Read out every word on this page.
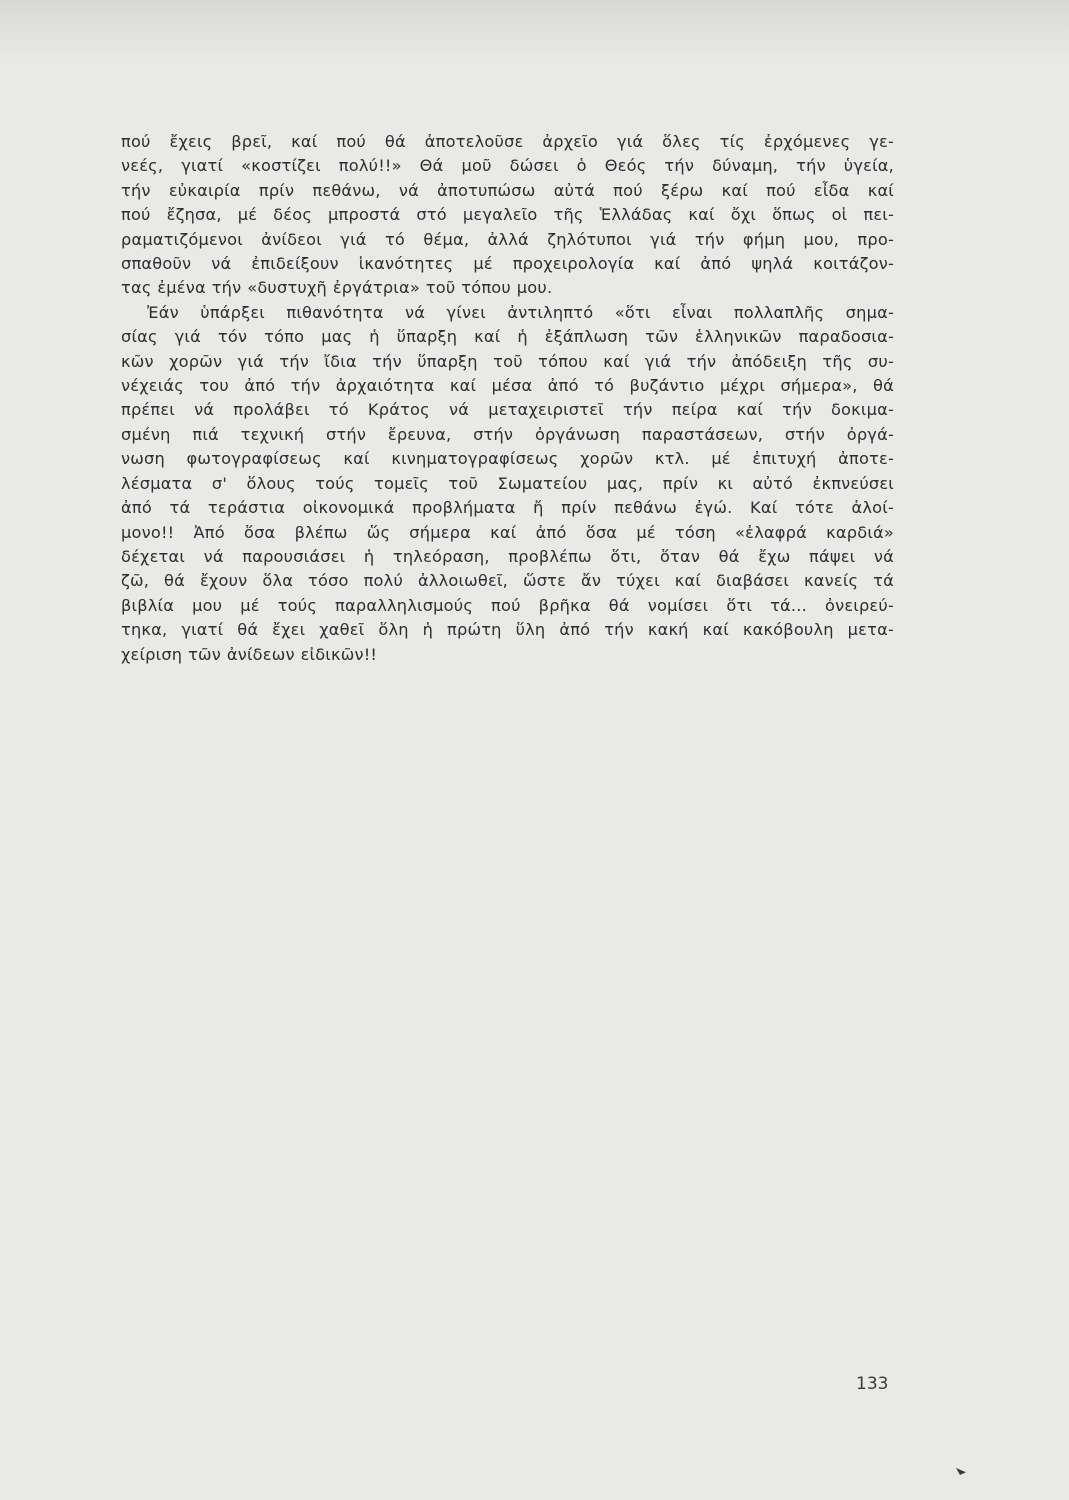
πού ἔχεις βρεῖ, καί πού θά ἀποτελοῦσε ἀρχεῖο γιά ὅλες τίς ἐρχόμενες γε-
νεές, γιατί «κοστίζει πολύ!!» Θά μοῦ δώσει ὁ Θεός τήν δύναμη, τήν ὑγεία,
τήν εὐκαιρία πρίν πεθάνω, νά ἀποτυπώσω αὐτά πού ξέρω καί πού εἶδα καί
πού ἔζησα, μέ δέος μπροστά στό μεγαλεῖο τῆς Ἑλλάδας καί ὄχι ὅπως οἱ πει-
ραματιζόμενοι ἀνίδεοι γιά τό θέμα, ἀλλά ζηλότυποι γιά τήν φήμη μου, προ-
σπαθοῦν νά ἐπιδείξουν ἱκανότητες μέ προχειρολογία καί ἀπό ψηλά κοιτάζον-
τας ἐμένα τήν «δυστυχῆ ἐργάτρια» τοῦ τόπου μου.
Ἐάν ὑπάρξει πιθανότητα νά γίνει ἀντιληπτό «ὅτι εἶναι πολλαπλῆς σημα-
σίας γιά τόν τόπο μας ἡ ὕπαρξη καί ἡ ἐξάπλωση τῶν ἑλληνικῶν παραδοσια-
κῶν χορῶν γιά τήν ἴδια τήν ὕπαρξη τοῦ τόπου καί γιά τήν ἀπόδειξη τῆς συ-
νέχειάς του ἀπό τήν ἀρχαιότητα καί μέσα ἀπό τό βυζάντιο μέχρι σήμερα», θά
πρέπει νά προλάβει τό Κράτος νά μεταχειριστεῖ τήν πείρα καί τήν δοκιμα-
σμένη πιά τεχνική στήν ἔρευνα, στήν ὀργάνωση παραστάσεων, στήν ὀργά-
νωση φωτογραφίσεως καί κινηματογραφίσεως χορῶν κτλ. μέ ἐπιτυχή ἀποτε-
λέσματα σ' ὅλους τούς τομεῖς τοῦ Σωματείου μας, πρίν κι αὐτό ἐκπνεύσει
ἀπό τά τεράστια οἰκονομικά προβλήματα ἤ πρίν πεθάνω ἐγώ. Καί τότε ἀλοί-
μονο!! Ἀπό ὅσα βλέπω ὥς σήμερα καί ἀπό ὅσα μέ τόση «ἐλαφρά καρδιά»
δέχεται νά παρουσιάσει ἡ τηλεόραση, προβλέπω ὅτι, ὅταν θά ἔχω πάψει νά
ζῶ, θά ἔχουν ὅλα τόσο πολύ ἀλλοιωθεῖ, ὥστε ἄν τύχει καί διαβάσει κανείς τά
βιβλία μου μέ τούς παραλληλισμούς πού βρῆκα θά νομίσει ὅτι τά... ὀνειρεύ-
τηκα, γιατί θά ἔχει χαθεῖ ὅλη ἡ πρώτη ὕλη ἀπό τήν κακή καί κακόβουλη μετα-
χείριση τῶν ἀνίδεων εἰδικῶν!!
133
